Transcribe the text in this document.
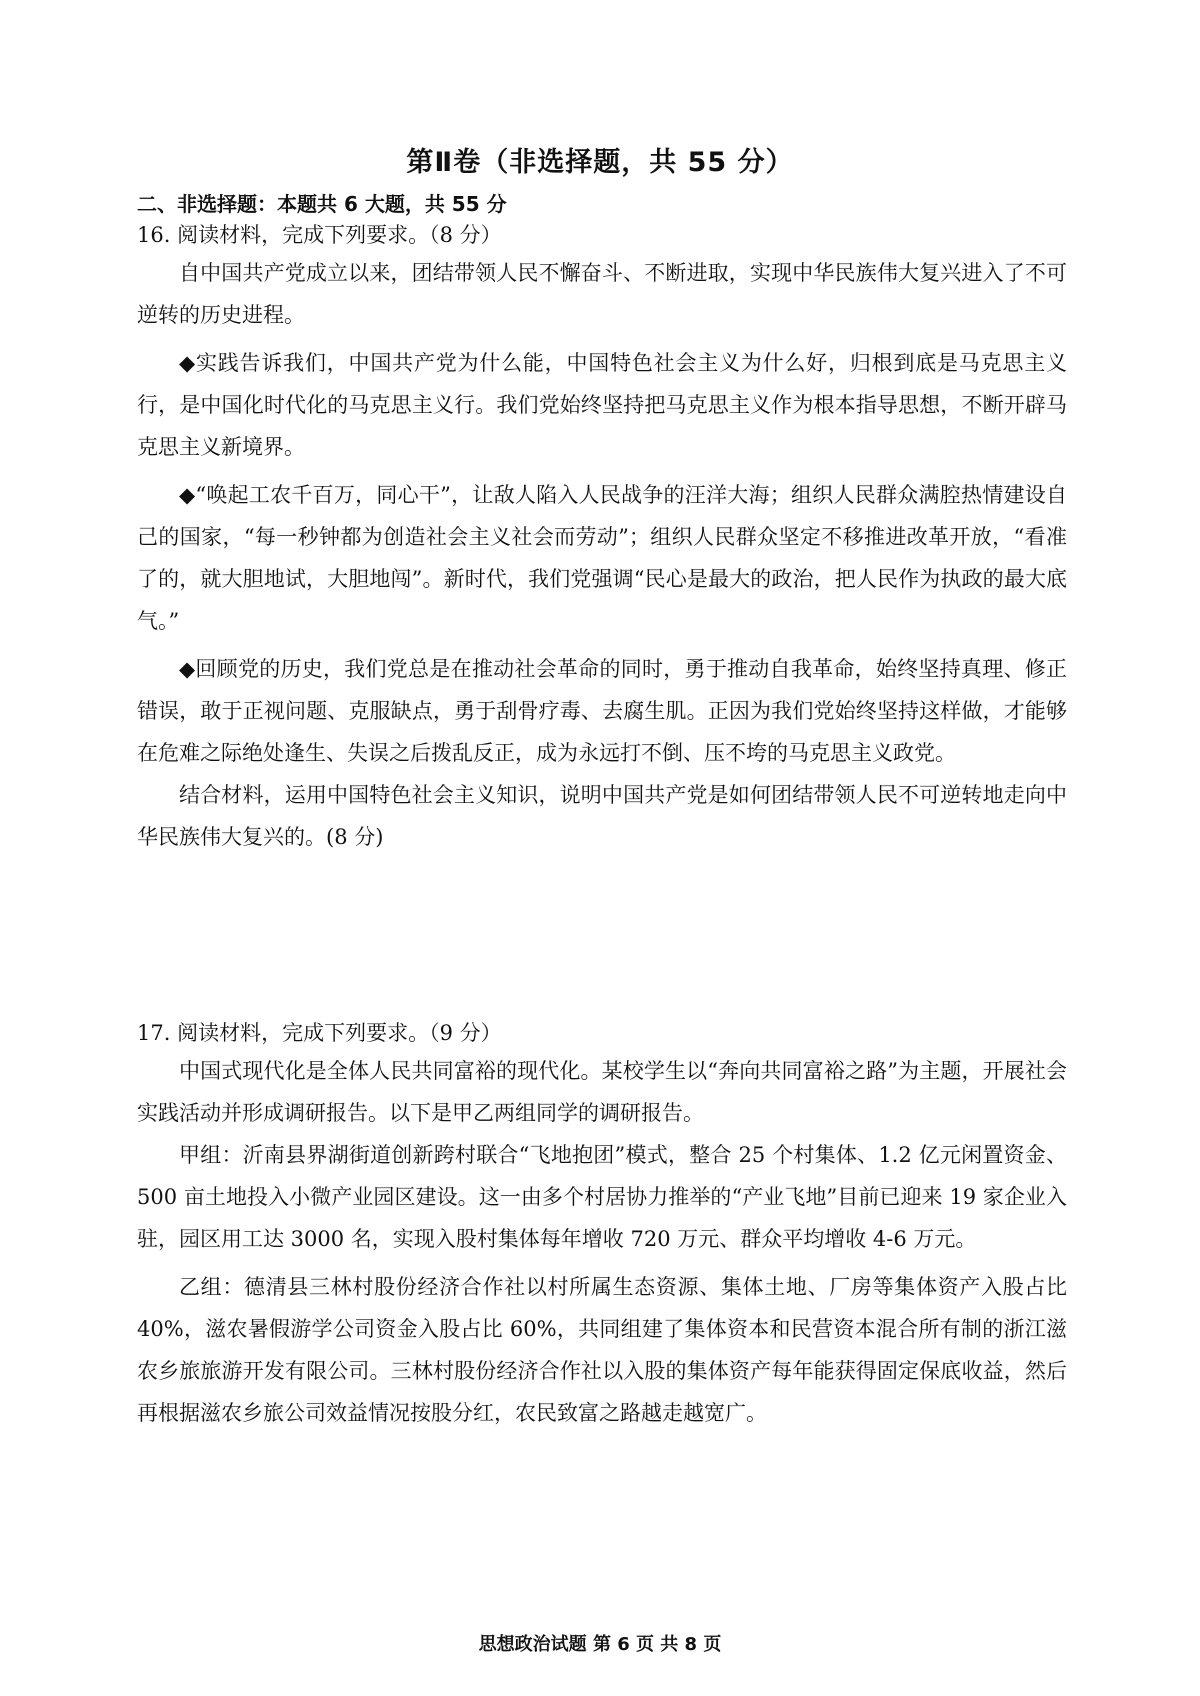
第Ⅱ卷（非选择题，共 55 分）
二、非选择题：本题共 6 大题，共 55 分
16. 阅读材料，完成下列要求。（8 分）

自中国共产党成立以来，团结带领人民不懈奋斗、不断进取，实现中华民族伟大复兴进入了不可逆转的历史进程。

◆实践告诉我们，中国共产党为什么能，中国特色社会主义为什么好，归根到底是马克思主义行，是中国化时代化的马克思主义行。我们党始终坚持把马克思主义作为根本指导思想，不断开辟马克思主义新境界。

◆“唤起工农千百万，同心干”，让敌人陷入人民战争的汪洋大海；组织人民群众满腔热情建设自己的国家，“每一秒钟都为创造社会主义社会而劳动”；组织人民群众坚定不移推进改革开放，“看准了的，就大胆地试，大胆地闯”。新时代，我们党强调“民心是最大的政治，把人民作为执政的最大底气。”

◆回顾党的历史，我们党总是在推动社会革命的同时，勇于推动自我革命，始终坚持真理、修正错误，敢于正视问题、克服缺点，勇于刮骨疗毒、去腐生肌。正因为我们党始终坚持这样做，才能够在危难之际绝处逢生、失误之后拨乱反正，成为永远打不倒、压不垮的马克思主义政党。

结合材料，运用中国特色社会主义知识，说明中国共产党是如何团结带领人民不可逆转地走向中华民族伟大复兴的。(8 分)

17. 阅读材料，完成下列要求。（9 分）

中国式现代化是全体人民共同富裕的现代化。某校学生以“奔向共同富裕之路”为主题，开展社会实践活动并形成调研报告。以下是甲乙两组同学的调研报告。

甲组：沂南县界湖街道创新跨村联合“飞地抱团”模式，整合 25 个村集体、1.2 亿元闲置资金、500 亩土地投入小微产业园区建设。这一由多个村居协力推举的“产业飞地”目前已迎来 19 家企业入驻，园区用工达 3000 名，实现入股村集体每年增收 720 万元、群众平均增收 4-6 万元。

乙组：德清县三林村股份经济合作社以村所属生态资源、集体土地、厂房等集体资产入股占比 40%，滋农暑假游学公司资金入股占比 60%，共同组建了集体资本和民营资本混合所有制的浙江滋农乡旅旅游开发有限公司。三林村股份经济合作社以入股的集体资产每年能获得固定保底收益，然后再根据滋农乡旅公司效益情况按股分红，农民致富之路越走越宽广。

思想政治试题 第 6 页 共 8 页
